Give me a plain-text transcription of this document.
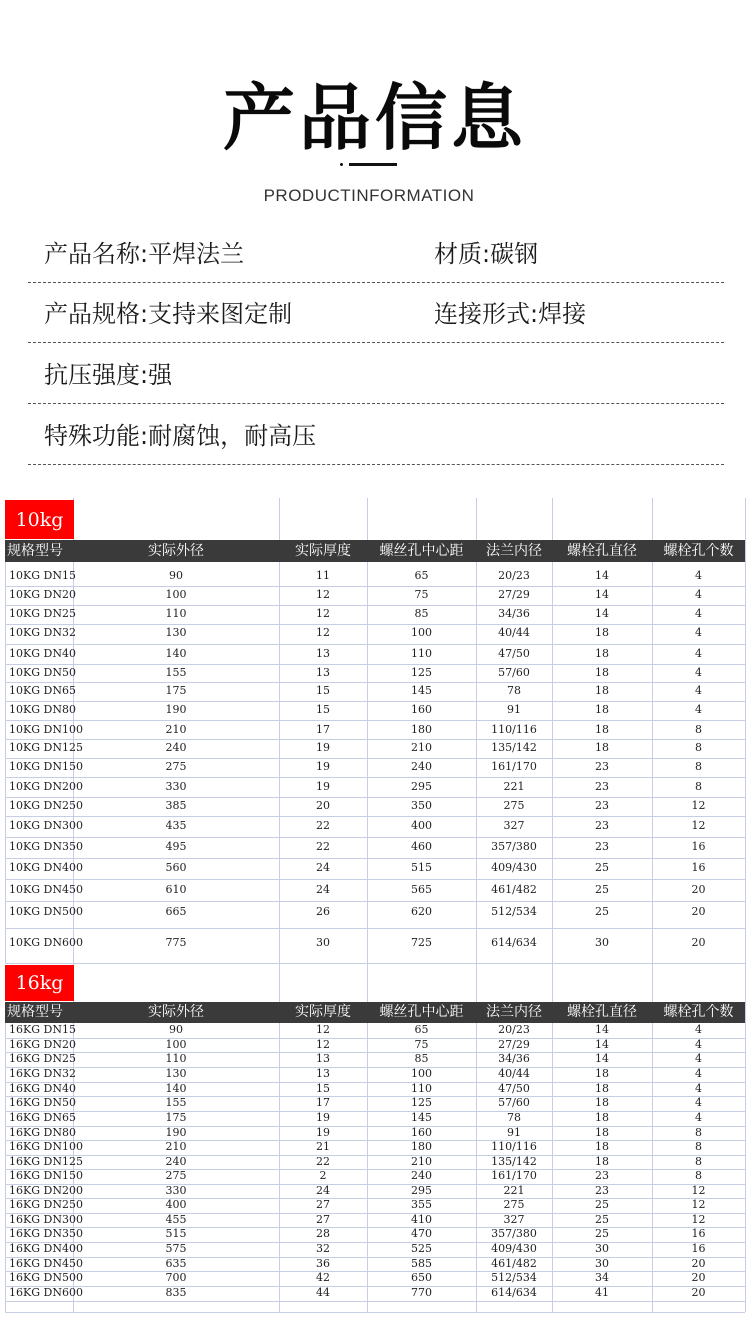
产品信息
PRODUCTINFORMATION
产品名称:平焊法兰	材质:碳钢
产品规格:支持来图定制	连接形式:焊接
抗压强度:强
特殊功能:耐腐蚀，耐高压
10kg
规格型号	实际外径	实际厚度	螺丝孔中心距	法兰内径	螺栓孔直径	螺栓孔个数
10KG DN15	90	11	65	20/23	14	4
10KG DN20	100	12	75	27/29	14	4
10KG DN25	110	12	85	34/36	14	4
10KG DN32	130	12	100	40/44	18	4
10KG DN40	140	13	110	47/50	18	4
10KG DN50	155	13	125	57/60	18	4
10KG DN65	175	15	145	78	18	4
10KG DN80	190	15	160	91	18	4
10KG DN100	210	17	180	110/116	18	8
10KG DN125	240	19	210	135/142	18	8
10KG DN150	275	19	240	161/170	23	8
10KG DN200	330	19	295	221	23	8
10KG DN250	385	20	350	275	23	12
10KG DN300	435	22	400	327	23	12
10KG DN350	495	22	460	357/380	23	16
10KG DN400	560	24	515	409/430	25	16
10KG DN450	610	24	565	461/482	25	20
10KG DN500	665	26	620	512/534	25	20
10KG DN600	775	30	725	614/634	30	20
16kg
规格型号	实际外径	实际厚度	螺丝孔中心距	法兰内径	螺栓孔直径	螺栓孔个数
16KG DN15	90	12	65	20/23	14	4
16KG DN20	100	12	75	27/29	14	4
16KG DN25	110	13	85	34/36	14	4
16KG DN32	130	13	100	40/44	18	4
16KG DN40	140	15	110	47/50	18	4
16KG DN50	155	17	125	57/60	18	4
16KG DN65	175	19	145	78	18	4
16KG DN80	190	19	160	91	18	8
16KG DN100	210	21	180	110/116	18	8
16KG DN125	240	22	210	135/142	18	8
16KG DN150	275	2	240	161/170	23	8
16KG DN200	330	24	295	221	23	12
16KG DN250	400	27	355	275	25	12
16KG DN300	455	27	410	327	25	12
16KG DN350	515	28	470	357/380	25	16
16KG DN400	575	32	525	409/430	30	16
16KG DN450	635	36	585	461/482	30	20
16KG DN500	700	42	650	512/534	34	20
16KG DN600	835	44	770	614/634	41	20
